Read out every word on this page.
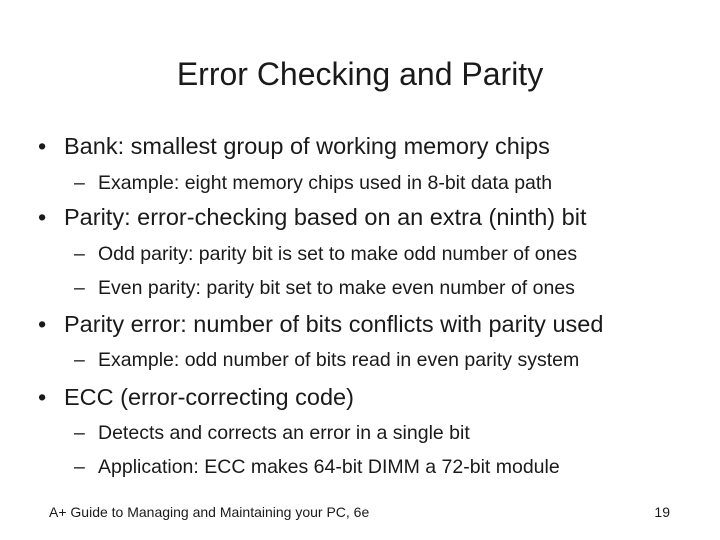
Error Checking and Parity
• Bank: smallest group of working memory chips
– Example: eight memory chips used in 8-bit data path
• Parity: error-checking based on an extra (ninth) bit
– Odd parity: parity bit is set to make odd number of ones
– Even parity: parity bit set to make even number of ones
• Parity error: number of bits conflicts with parity used
– Example: odd number of bits read in even parity system
• ECC (error-correcting code)
– Detects and corrects an error in a single bit
– Application: ECC makes 64-bit DIMM a 72-bit module
A+ Guide to Managing and Maintaining your PC, 6e	19
